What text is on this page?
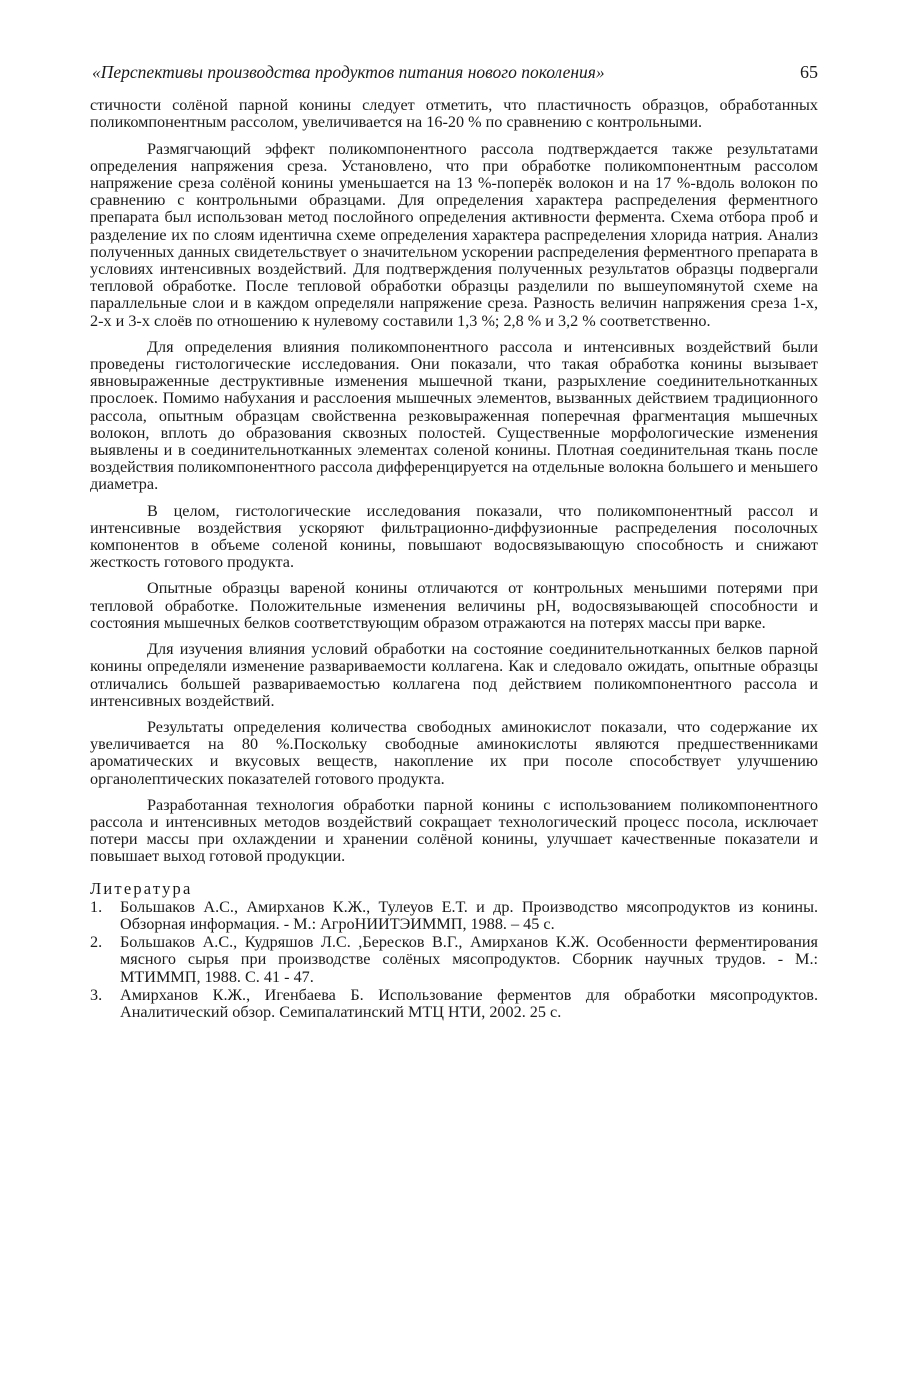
«Перспективы производства продуктов питания нового поколения»	65

стичности солёной парной конины следует отметить, что пластичность образцов, обработанных поликомпонентным рассолом, увеличивается на 16-20 % по сравнению с контрольными.

Размягчающий эффект поликомпонентного рассола подтверждается также результатами определения напряжения среза. Установлено, что при обработке поликомпонентным рассолом напряжение среза солёной конины уменьшается на 13 %-поперёк волокон и на 17 %-вдоль волокон по сравнению с контрольными образцами. Для определения характера распределения ферментного препарата был использован метод послойного определения активности фермента. Схема отбора проб и разделение их по слоям идентична схеме определения характера распределения хлорида натрия. Анализ полученных данных свидетельствует о значительном ускорении распределения ферментного препарата в условиях интенсивных воздействий. Для подтверждения полученных результатов образцы подвергали тепловой обработке. После тепловой обработки образцы разделили по вышеупомянутой схеме на параллельные слои и в каждом определяли напряжение среза. Разность величин напряжения среза 1-х, 2-х и 3-х слоёв по отношению к нулевому составили 1,3 %; 2,8 % и 3,2 % соответственно.

Для определения влияния поликомпонентного рассола и интенсивных воздействий были проведены гистологические исследования. Они показали, что такая обработка конины вызывает явновыраженные деструктивные изменения мышечной ткани, разрыхление соединительнотканных прослоек. Помимо набухания и расслоения мышечных элементов, вызванных действием традиционного рассола, опытным образцам свойственна резковыраженная поперечная фрагментация мышечных волокон, вплоть до образования сквозных полостей. Существенные морфологические изменения выявлены и в соединительнотканных элементах соленой конины. Плотная соединительная ткань после воздействия поликомпонентного рассола дифференцируется на отдельные волокна большего и меньшего диаметра.

В целом, гистологические исследования показали, что поликомпонентный рассол и интенсивные воздействия ускоряют фильтрационно-диффузионные распределения посолочных компонентов в объеме соленой конины, повышают водосвязывающую способность и снижают жесткость готового продукта.

Опытные образцы вареной конины отличаются от контрольных меньшими потерями при тепловой обработке. Положительные изменения величины pH, водосвязывающей способности и состояния мышечных белков соответствующим образом отражаются на потерях массы при варке.

Для изучения влияния условий обработки на состояние соединительнотканных белков парной конины определяли изменение развариваемости коллагена. Как и следовало ожидать, опытные образцы отличались большей развариваемостью коллагена под действием поликомпонентного рассола и интенсивных воздействий.

Результаты определения количества свободных аминокислот показали, что содержание их увеличивается на 80 %.Поскольку свободные аминокислоты являются предшественниками ароматических и вкусовых веществ, накопление их при посоле способствует улучшению органолептических показателей готового продукта.

Разработанная технология обработки парной конины с использованием поликомпонентного рассола и интенсивных методов воздействий сокращает технологический процесс посола, исключает потери массы при охлаждении и хранении солёной конины, улучшает качественные показатели и повышает выход готовой продукции.

Литература
1.	Большаков А.С., Амирханов К.Ж., Тулеуов Е.Т. и др. Производство мясопродуктов из конины. Обзорная информация. - М.: АгроНИИТЭИММП, 1988. – 45 с.
2.	Большаков А.С., Кудряшов Л.С. ,Бересков В.Г., Амирханов К.Ж. Особенности ферментирования мясного сырья при производстве солёных мясопродуктов. Сборник научных трудов. - М.: МТИММП, 1988. С. 41 - 47.
3.	Амирханов К.Ж., Игенбаева Б. Использование ферментов для обработки мясопродуктов. Аналитический обзор. Семипалатинский МТЦ НТИ, 2002. 25 с.
